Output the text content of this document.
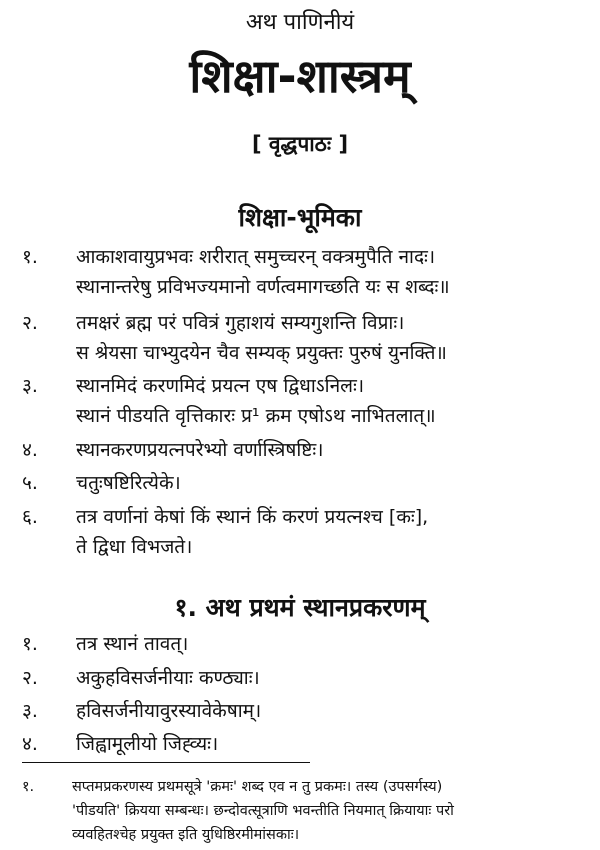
अथ पाणिनीयं
शिक्षा-शास्त्रम्
[ वृद्धपाठः ]
शिक्षा-भूमिका
१.	आकाशवायुप्रभवः शरीरात् समुच्चरन् वक्त्रमुपैति नादः।
स्थानान्तरेषु प्रविभज्यमानो वर्णत्वमागच्छति यः स शब्दः॥
२.	तमक्षरं ब्रह्म परं पवित्रं गुहाशयं सम्यगुशन्ति विप्राः।
स श्रेयसा चाभ्युदयेन चैव सम्यक् प्रयुक्तः पुरुषं युनक्ति॥
३.	स्थानमिदं करणमिदं प्रयत्न एष द्विधाऽनिलः।
स्थानं पीडयति वृत्तिकारः प्र¹ क्रम एषोऽथ नाभितलात्॥
४.	स्थानकरणप्रयत्नपरेभ्यो वर्णास्त्रिषष्टिः।
५.	चतुःषष्टिरित्येके।
६.	तत्र वर्णानां केषां किं स्थानं किं करणं प्रयत्नश्च [कः],
ते द्विधा विभजते।
१. अथ प्रथमं स्थानप्रकरणम्
१.	तत्र स्थानं तावत्।
२.	अकुहविसर्जनीयाः कण्ठ्याः।
३.	हविसर्जनीयावुरस्यावेकेषाम्।
४.	जिह्वामूलीयो जिह्व्यः।
१.	सप्तमप्रकरणस्य प्रथमसूत्रे 'क्रमः' शब्द एव न तु प्रकमः। तस्य (उपसर्गस्य)
'पीडयति' क्रियया सम्बन्धः। छन्दोवत्सूत्राणि भवन्तीति नियमात् क्रियायाः परो
व्यवहितश्चेह प्रयुक्त इति युधिष्ठिरमीमांसकाः।
